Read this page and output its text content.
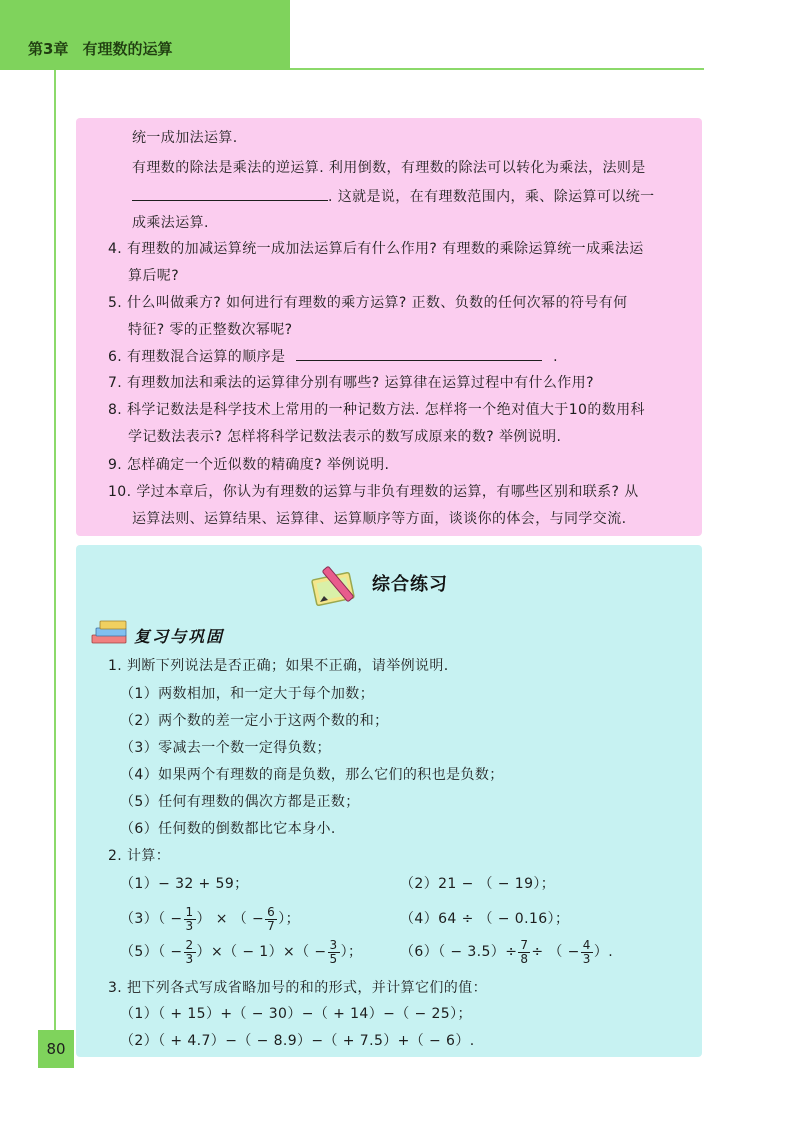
第3章 有理数的运算
统一成加法运算.
有理数的除法是乘法的逆运算. 利用倒数，有理数的除法可以转化为乘法，法则是
. 这就是说，在有理数范围内，乘、除运算可以统一
成乘法运算.
4. 有理数的加减运算统一成加法运算后有什么作用? 有理数的乘除运算统一成乘法运
算后呢?
5. 什么叫做乘方? 如何进行有理数的乘方运算? 正数、负数的任何次幂的符号有何
特征? 零的正整数次幂呢?
6. 有理数混合运算的顺序是	.
7. 有理数加法和乘法的运算律分别有哪些? 运算律在运算过程中有什么作用?
8. 科学记数法是科学技术上常用的一种记数方法. 怎样将一个绝对值大于10的数用科
学记数法表示? 怎样将科学记数法表示的数写成原来的数? 举例说明.
9. 怎样确定一个近似数的精确度? 举例说明.
10. 学过本章后，你认为有理数的运算与非负有理数的运算，有哪些区别和联系? 从
运算法则、运算结果、运算律、运算顺序等方面，谈谈你的体会，与同学交流.
综合练习
复习与巩固
1. 判断下列说法是否正确；如果不正确，请举例说明.
（1）两数相加，和一定大于每个加数；
（2）两个数的差一定小于这两个数的和；
（3）零减去一个数一定得负数；
（4）如果两个有理数的商是负数，那么它们的积也是负数；
（5）任何有理数的偶次方都是正数；
（6）任何数的倒数都比它本身小.
2. 计算：
（1）− 32 + 59；	（2）21 − （ − 19）；
$(3)( - \frac{1}{3}$ ） × （ − $\frac{6}{7}$ ）；	（4）64 ÷ （ − 0.16）；
$(5)( - \frac{2}{3}$ ）×（ − $1)\times( - \frac{3}{5}$ ）；	$(6)( - 3.5)\div \frac{7}{8}$ ÷ （ − $\frac{4}{3}$ ）.
3. 把下列各式写成省略加号的和的形式，并计算它们的值：
（1）（ + 15）+（ − 30）−（ + 14）−（ − 25）；
（2）（ + 4.7）−（ − 8.9）−（ + 7.5）+（ − 6）.
80
